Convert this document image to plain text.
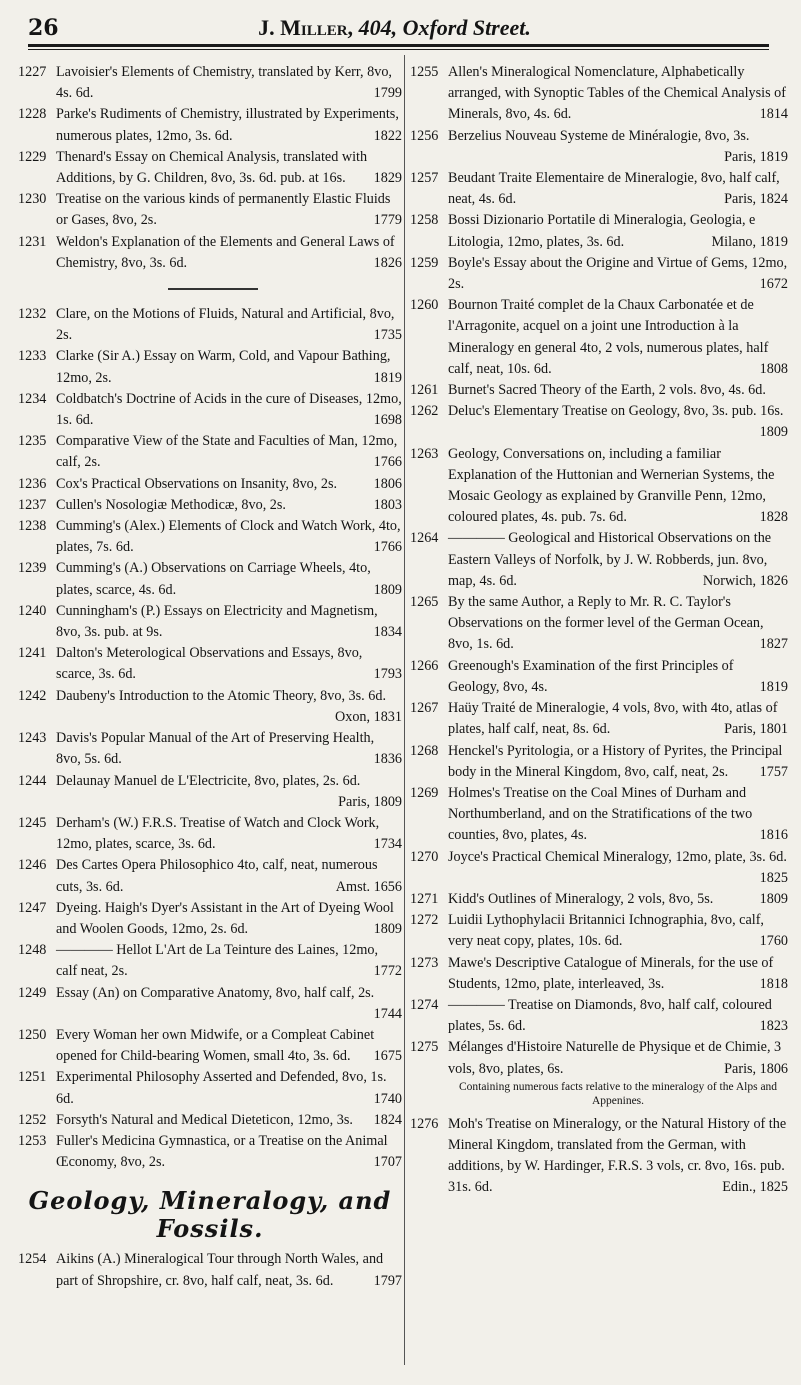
26	J. Miller, 404, Oxford Street.
1227 Lavoisier's Elements of Chemistry, translated by Kerr, 8vo, 4s. 6d.	1799
1228 Parke's Rudiments of Chemistry, illustrated by Experiments, numerous plates, 12mo, 3s. 6d.	1822
1229 Thenard's Essay on Chemical Analysis, translated with Additions, by G. Children, 8vo, 3s. 6d. pub. at 16s. 1829
1230 Treatise on the various kinds of permanently Elastic Fluids or Gases, 8vo, 2s.	1779
1231 Weldon's Explanation of the Elements and General Laws of Chemistry, 8vo, 3s. 6d.	1826
1232 Clare, on the Motions of Fluids, Natural and Artificial, 8vo, 2s.	1735
1233 Clarke (Sir A.) Essay on Warm, Cold, and Vapour Bathing, 12mo, 2s.	1819
1234 Coldbatch's Doctrine of Acids in the cure of Diseases, 12mo, 1s. 6d.	1698
1235 Comparative View of the State and Faculties of Man, 12mo, calf, 2s.	1766
1236 Cox's Practical Observations on Insanity, 8vo, 2s.	1806
1237 Cullen's Nosologiæ Methodicæ, 8vo, 2s.	1803
1238 Cumming's (Alex.) Elements of Clock and Watch Work, 4to, plates, 7s. 6d.	1766
1239 Cumming's (A.) Observations on Carriage Wheels, 4to, plates, scarce, 4s. 6d.	1809
1240 Cunningham's (P.) Essays on Electricity and Magnetism, 8vo, 3s. pub. at 9s.	1834
1241 Dalton's Meterological Observations and Essays, 8vo, scarce, 3s. 6d.	1793
1242 Daubeny's Introduction to the Atomic Theory, 8vo, 3s. 6d.
Oxon, 1831
1243 Davis's Popular Manual of the Art of Preserving Health, 8vo, 5s. 6d.	1836
1244 Delaunay Manuel de L'Electricite, 8vo, plates, 2s. 6d.
Paris, 1809
1245 Derham's (W.) F.R.S. Treatise of Watch and Clock Work, 12mo, plates, scarce, 3s. 6d.	1734
1246 Des Cartes Opera Philosophico 4to, calf, neat, numerous cuts, 3s. 6d.	Amst. 1656
1247 Dyeing. Haigh's Dyer's Assistant in the Art of Dyeing Wool and Woolen Goods, 12mo, 2s. 6d.	1809
1248 ———— Hellot L'Art de La Teinture des Laines, 12mo, calf neat, 2s.	1772
1249 Essay (An) on Comparative Anatomy, 8vo, half calf, 2s.
1744
1250 Every Woman her own Midwife, or a Compleat Cabinet opened for Child-bearing Women, small 4to, 3s. 6d. 1675
1251 Experimental Philosophy Asserted and Defended, 8vo, 1s. 6d.	1740
1252 Forsyth's Natural and Medical Dieteticon, 12mo, 3s. 1824
1253 Fuller's Medicina Gymnastica, or a Treatise on the Animal Œconomy, 8vo, 2s.	1707
Geology, Mineralogy, and Fossils.
1254 Aikins (A.) Mineralogical Tour through North Wales, and part of Shropshire, cr. 8vo, half calf, neat, 3s. 6d.	1797
1255 Allen's Mineralogical Nomenclature, Alphabetically arranged, with Synoptic Tables of the Chemical Analysis of Minerals, 8vo, 4s. 6d.	1814
1256 Berzelius Nouveau Systeme de Minéralogie, 8vo, 3s.
Paris, 1819
1257 Beudant Traite Elementaire de Mineralogie, 8vo, half calf, neat, 4s. 6d.	Paris, 1824
1258 Bossi Dizionario Portatile di Mineralogia, Geologia, e Litologia, 12mo, plates, 3s. 6d.	Milano, 1819
1259 Boyle's Essay about the Origine and Virtue of Gems, 12mo, 2s.	1672
1260 Bournon Traité complet de la Chaux Carbonatée et de l'Arragonite, acquel on a joint une Introduction à la Mineralogy en general 4to, 2 vols, numerous plates, half calf, neat, 10s. 6d.	1808
1261 Burnet's Sacred Theory of the Earth, 2 vols. 8vo, 4s. 6d.
1262 Deluc's Elementary Treatise on Geology, 8vo, 3s. pub. 16s.
1809
1263 Geology, Conversations on, including a familiar Explanation of the Huttonian and Wernerian Systems, the Mosaic Geology as explained by Granville Penn, 12mo, coloured plates, 4s. pub. 7s. 6d.	1828
1264 ———— Geological and Historical Observations on the Eastern Valleys of Norfolk, by J. W. Robberds, jun. 8vo, map, 4s. 6d.	Norwich, 1826
1265 By the same Author, a Reply to Mr. R. C. Taylor's Observations on the former level of the German Ocean, 8vo, 1s. 6d.	1827
1266 Greenough's Examination of the first Principles of Geology, 8vo, 4s.	1819
1267 Haüy Traité de Mineralogie, 4 vols, 8vo, with 4to, atlas of plates, half calf, neat, 8s. 6d.	Paris, 1801
1268 Henckel's Pyritologia, or a History of Pyrites, the Principal body in the Mineral Kingdom, 8vo, calf, neat, 2s. 1757
1269 Holmes's Treatise on the Coal Mines of Durham and Northumberland, and on the Stratifications of the two counties, 8vo, plates, 4s.	1816
1270 Joyce's Practical Chemical Mineralogy, 12mo, plate, 3s. 6d.
1825
1271 Kidd's Outlines of Mineralogy, 2 vols, 8vo, 5s.	1809
1272 Luidii Lythophylacii Britannici Ichnographia, 8vo, calf, very neat copy, plates, 10s. 6d.	1760
1273 Mawe's Descriptive Catalogue of Minerals, for the use of Students, 12mo, plate, interleaved, 3s.	1818
1274 ———— Treatise on Diamonds, 8vo, half calf, coloured plates, 5s. 6d.	1823
1275 Mélanges d'Histoire Naturelle de Physique et de Chimie, 3 vols, 8vo, plates, 6s.	Paris, 1806
Containing numerous facts relative to the mineralogy of the Alps and Appenines.
1276 Moh's Treatise on Mineralogy, or the Natural History of the Mineral Kingdom, translated from the German, with additions, by W. Hardinger, F.R.S. 3 vols, cr. 8vo, 16s. pub. 31s. 6d.	Edin., 1825
